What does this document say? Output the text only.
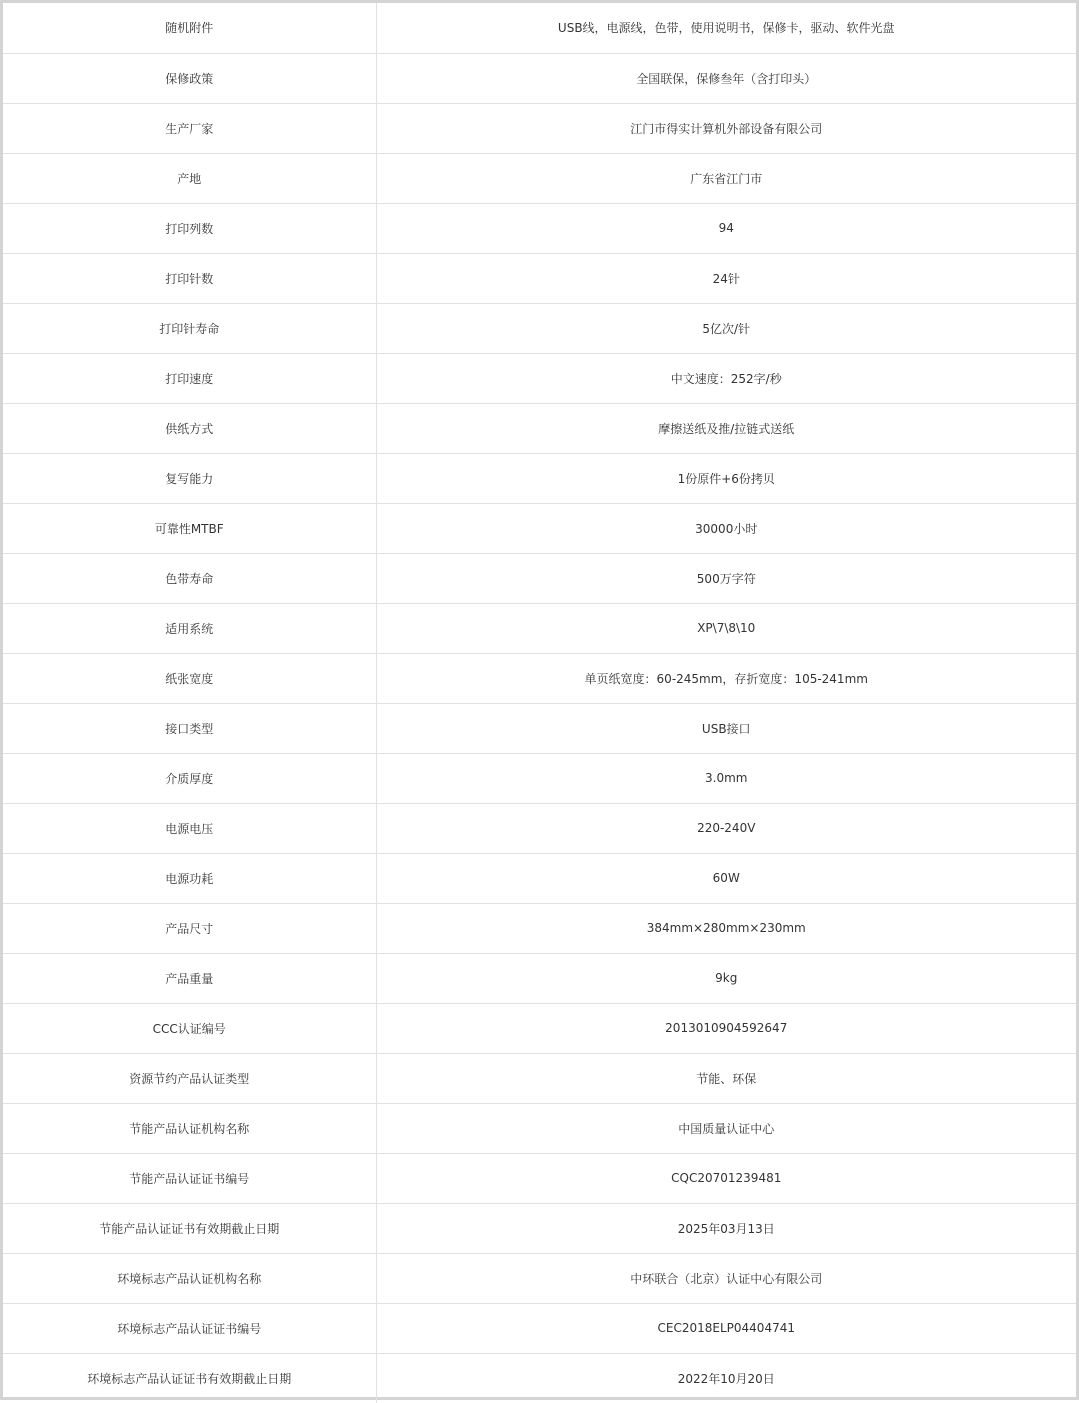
随机附件	USB线，电源线，色带，使用说明书，保修卡，驱动、软件光盘
保修政策	全国联保，保修叁年（含打印头）
生产厂家	江门市得实计算机外部设备有限公司
产地	广东省江门市
打印列数	94
打印针数	24针
打印针寿命	5亿次/针
打印速度	中文速度：252字/秒
供纸方式	摩擦送纸及推/拉链式送纸
复写能力	1份原件+6份拷贝
可靠性MTBF	30000小时
色带寿命	500万字符
适用系统	XP\7\8\10
纸张宽度	单页纸宽度：60-245mm，存折宽度：105-241mm
接口类型	USB接口
介质厚度	3.0mm
电源电压	220-240V
电源功耗	60W
产品尺寸	384mm×280mm×230mm
产品重量	9kg
CCC认证编号	2013010904592647
资源节约产品认证类型	节能、环保
节能产品认证机构名称	中国质量认证中心
节能产品认证证书编号	CQC20701239481
节能产品认证证书有效期截止日期	2025年03月13日
环境标志产品认证机构名称	中环联合（北京）认证中心有限公司
环境标志产品认证证书编号	CEC2018ELP04404741
环境标志产品认证证书有效期截止日期	2022年10月20日
